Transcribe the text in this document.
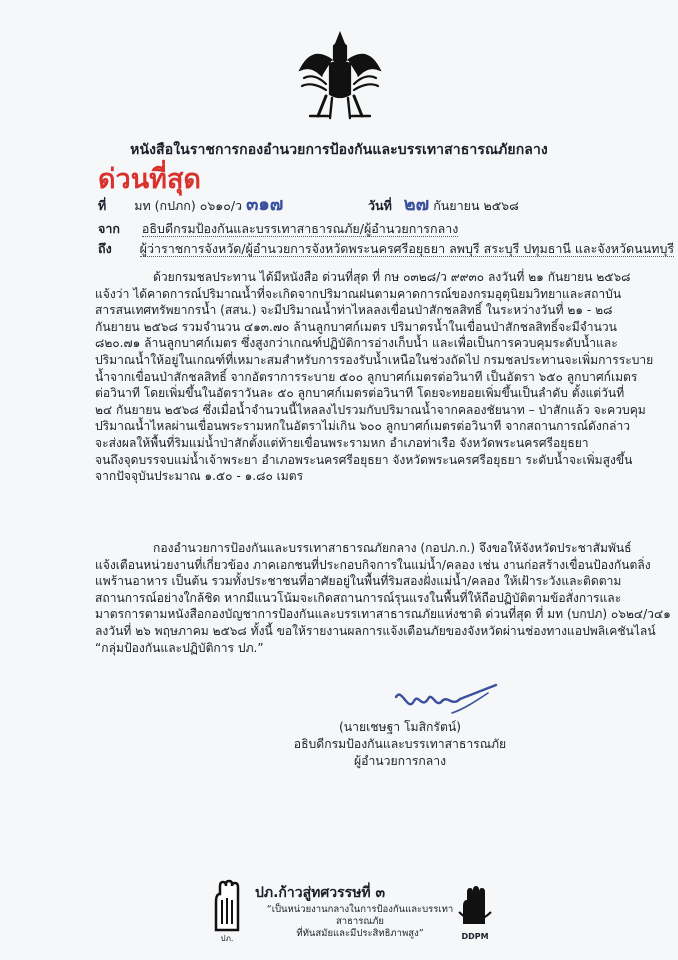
หนังสือในราชการกองอำนวยการป้องกันและบรรเทาสาธารณภัยกลาง
ด่วนที่สุด
ที่ มท (กปภก) ๐๖๑๐/ว ๓๑๗	วันที่ ๒๗ กันยายน ๒๕๖๘
จาก อธิบดีกรมป้องกันและบรรเทาสาธารณภัย/ผู้อำนวยการกลาง
ถึง ผู้ว่าราชการจังหวัด/ผู้อำนวยการจังหวัดพระนครศรีอยุธยา ลพบุรี สระบุรี ปทุมธานี และจังหวัดนนทบุรี
ด้วยกรมชลประทาน ได้มีหนังสือ ด่วนที่สุด ที่ กษ ๐๓๒๘/ว ๙๙๓๐ ลงวันที่ ๒๑ กันยายน ๒๕๖๘
แจ้งว่า ได้คาดการณ์ปริมาณน้ำที่จะเกิดจากปริมาณฝนตามคาดการณ์ของกรมอุตุนิยมวิทยาและสถาบัน
สารสนเทศทรัพยากรน้ำ (สสน.) จะมีปริมาณน้ำท่าไหลลงเขื่อนป่าสักชลสิทธิ์ ในระหว่างวันที่ ๒๑ - ๒๘
กันยายน ๒๕๖๘ รวมจำนวน ๔๑๓.๗๐ ล้านลูกบาศก์เมตร ปริมาตรน้ำในเขื่อนป่าสักชลสิทธิ์จะมีจำนวน
๘๒๐.๗๑ ล้านลูกบาศก์เมตร ซึ่งสูงกว่าเกณฑ์ปฏิบัติการอ่างเก็บน้ำ และเพื่อเป็นการควบคุมระดับน้ำและ
ปริมาณน้ำให้อยู่ในเกณฑ์ที่เหมาะสมสำหรับการรองรับน้ำเหนือในช่วงถัดไป กรมชลประทานจะเพิ่มการระบาย
น้ำจากเขื่อนป่าสักชลสิทธิ์ จากอัตราการระบาย ๕๐๐ ลูกบาศก์เมตรต่อวินาที เป็นอัตรา ๖๕๐ ลูกบาศก์เมตร
ต่อวินาที โดยเพิ่มขึ้นในอัตราวันละ ๕๐ ลูกบาศก์เมตรต่อวินาที โดยจะทยอยเพิ่มขึ้นเป็นลำดับ ตั้งแต่วันที่
๒๔ กันยายน ๒๕๖๘ ซึ่งเมื่อน้ำจำนวนนี้ไหลลงไปรวมกับปริมาณน้ำจากคลองชัยนาท – ป่าสักแล้ว จะควบคุม
ปริมาณน้ำไหลผ่านเขื่อนพระรามหกในอัตราไม่เกิน ๖๐๐ ลูกบาศก์เมตรต่อวินาที จากสถานการณ์ดังกล่าว
จะส่งผลให้พื้นที่ริมแม่น้ำป่าสักตั้งแต่ท้ายเขื่อนพระรามหก อำเภอท่าเรือ จังหวัดพระนครศรีอยุธยา
จนถึงจุดบรรจบแม่น้ำเจ้าพระยา อำเภอพระนครศรีอยุธยา จังหวัดพระนครศรีอยุธยา ระดับน้ำจะเพิ่มสูงขึ้น
จากปัจจุบันประมาณ ๑.๕๐ - ๑.๘๐ เมตร
กองอำนวยการป้องกันและบรรเทาสาธารณภัยกลาง (กอปภ.ก.) จึงขอให้จังหวัดประชาสัมพันธ์
แจ้งเตือนหน่วยงานที่เกี่ยวข้อง ภาคเอกชนที่ประกอบกิจการในแม่น้ำ/คลอง เช่น งานก่อสร้างเขื่อนป้องกันตลิ่ง
แพร้านอาหาร เป็นต้น รวมทั้งประชาชนที่อาศัยอยู่ในพื้นที่ริมสองฝั่งแม่น้ำ/คลอง ให้เฝ้าระวังและติดตาม
สถานการณ์อย่างใกล้ชิด หากมีแนวโน้มจะเกิดสถานการณ์รุนแรงในพื้นที่ให้ถือปฏิบัติตามข้อสั่งการและ
มาตรการตามหนังสือกองบัญชาการป้องกันและบรรเทาสาธารณภัยแห่งชาติ ด่วนที่สุด ที่ มท (บกปภ) ๐๖๒๔/ว๔๑
ลงวันที่ ๒๖ พฤษภาคม ๒๕๖๘ ทั้งนี้ ขอให้รายงานผลการแจ้งเตือนภัยของจังหวัดผ่านช่องทางแอปพลิเคชันไลน์
“กลุ่มป้องกันและปฏิบัติการ ปภ.”
(นายเชษฐา โมสิกรัตน์)
อธิบดีกรมป้องกันและบรรเทาสาธารณภัย
ผู้อำนวยการกลาง
ปภ.
ปภ.ก้าวสู่ทศวรรษที่ ๓
“เป็นหน่วยงานกลางในการป้องกันและบรรเทาสาธารณภัย
ที่ทันสมัยและมีประสิทธิภาพสูง”	DDPM
